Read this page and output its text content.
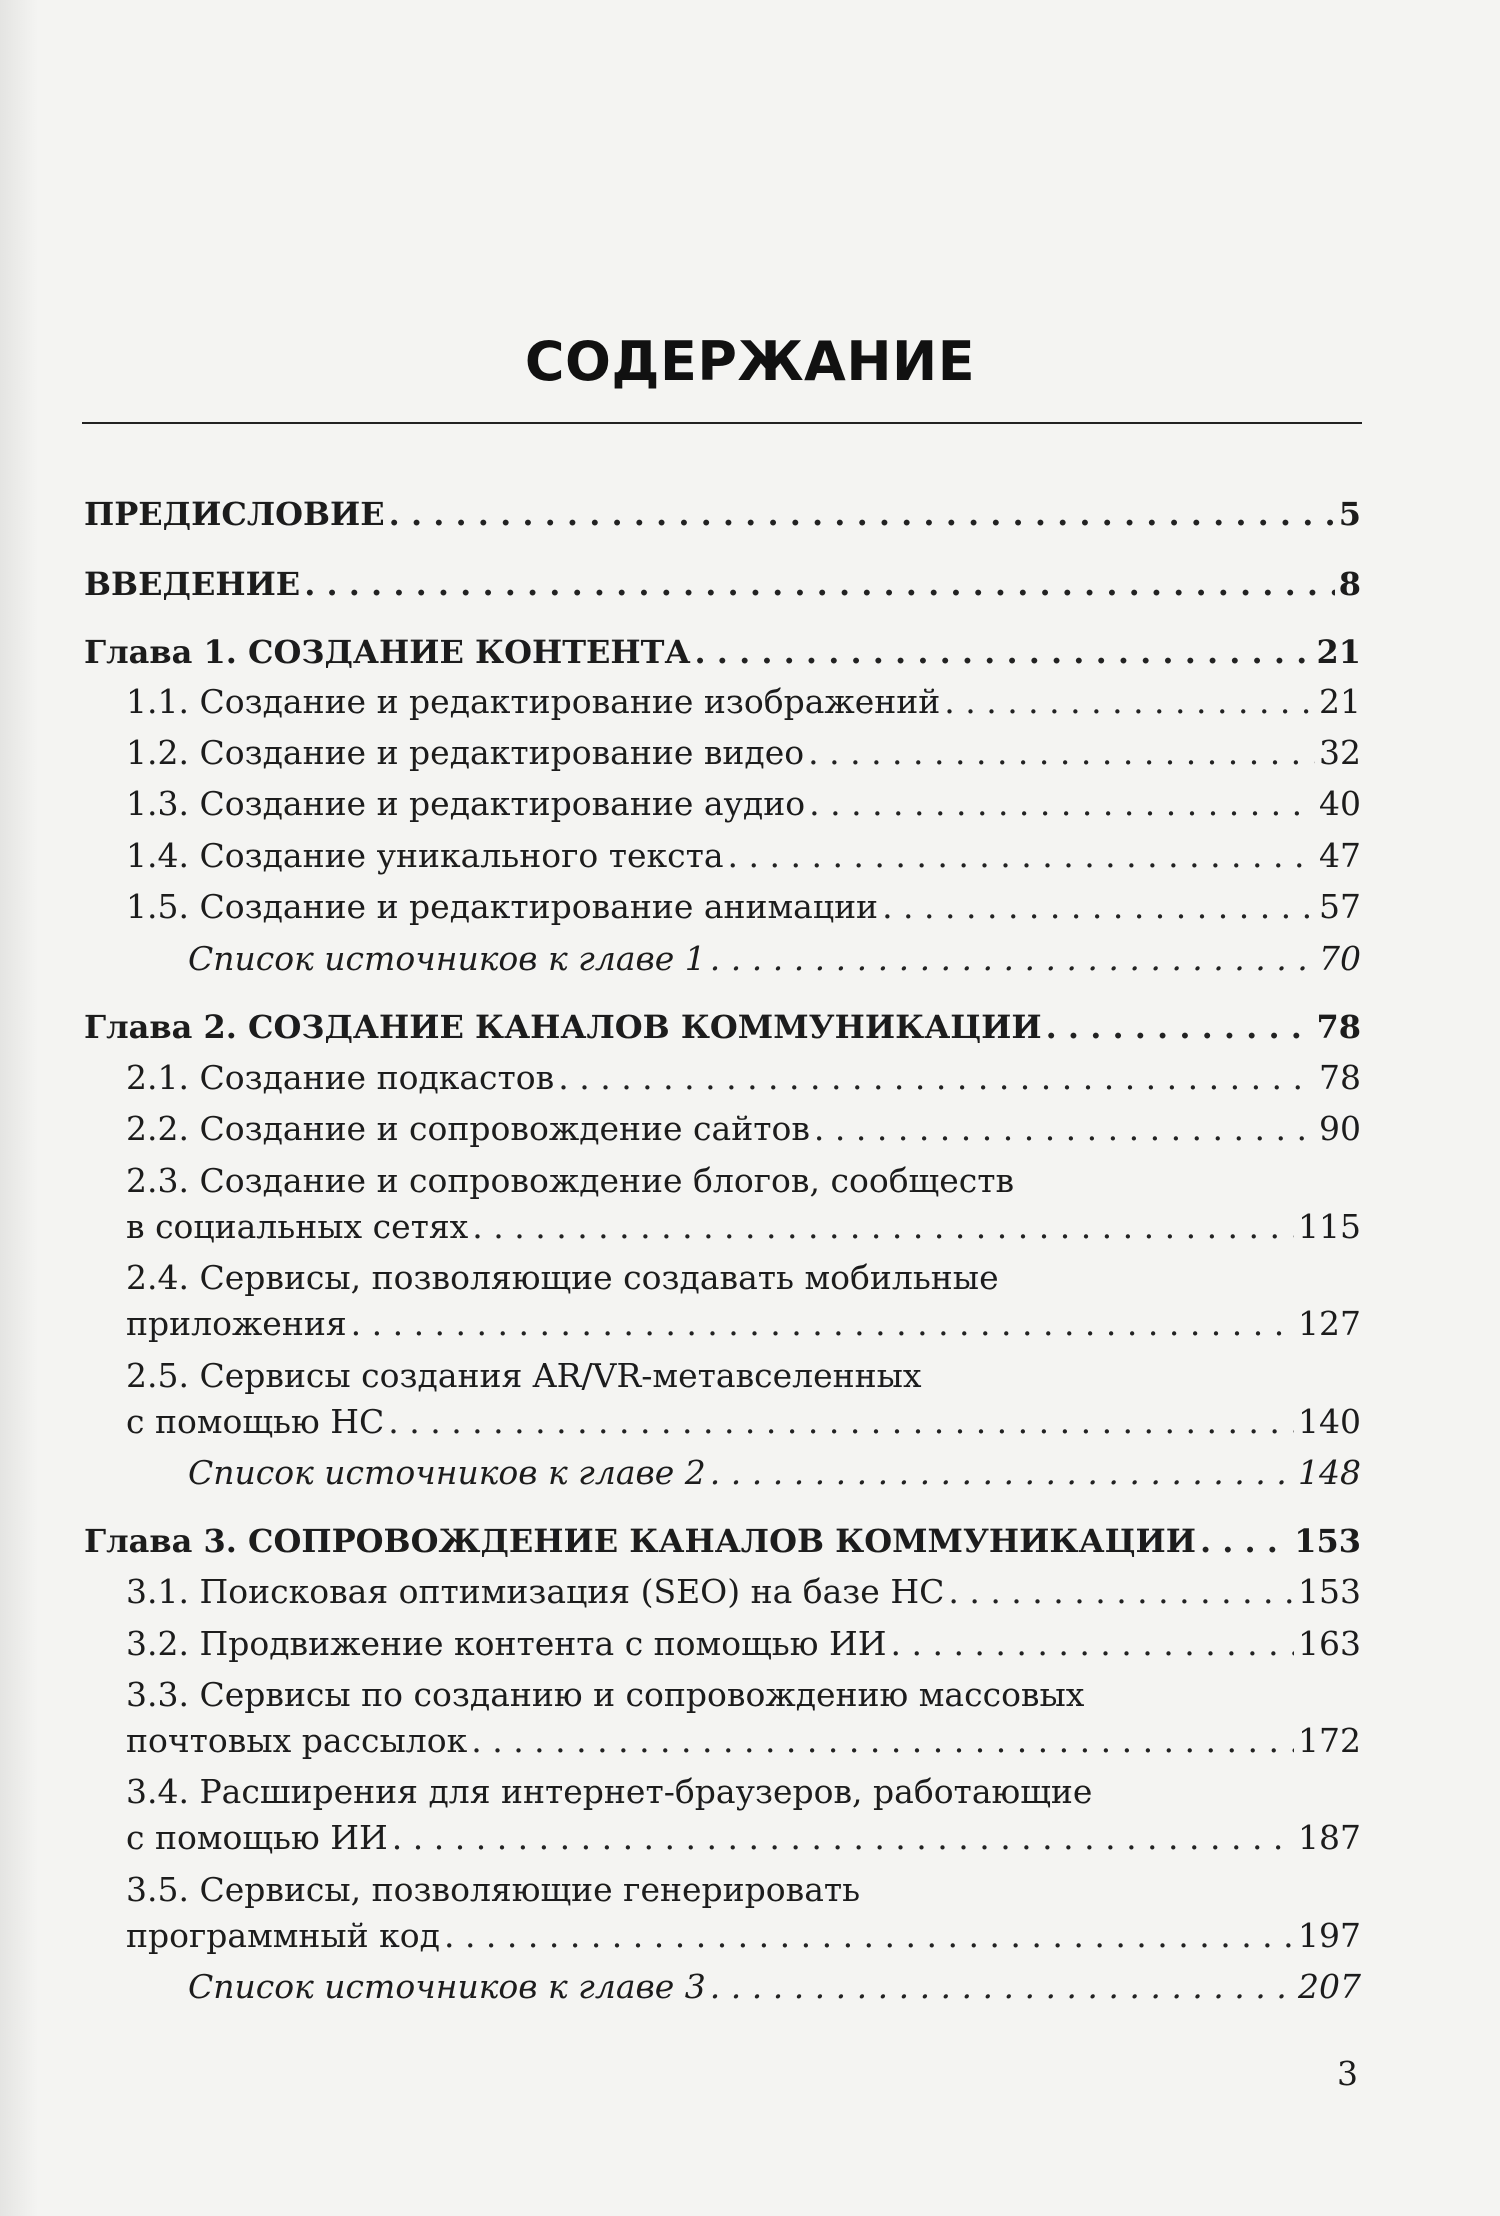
СОДЕРЖАНИЕ
ПРЕДИСЛОВИЕ . . .	5
ВВЕДЕНИЕ . . .	8
Глава 1. СОЗДАНИЕ КОНТЕНТА . . .	21
1.1. Создание и редактирование изображений . . .	21
1.2. Создание и редактирование видео . . .	32
1.3. Создание и редактирование аудио . . .	40
1.4. Создание уникального текста . . .	47
1.5. Создание и редактирование анимации . . .	57
Список источников к главе 1 . . .	70
Глава 2. СОЗДАНИЕ КАНАЛОВ КОММУНИКАЦИИ . . .	78
2.1. Создание подкастов . . .	78
2.2. Создание и сопровождение сайтов . . .	90
2.3. Создание и сопровождение блогов, сообществ
в социальных сетях . . .	115
2.4. Сервисы, позволяющие создавать мобильные
приложения . . .	127
2.5. Сервисы создания AR/VR-метавселенных
с помощью НС . . .	140
Список источников к главе 2 . . .	148
Глава 3. СОПРОВОЖДЕНИЕ КАНАЛОВ КОММУНИКАЦИИ . . .	153
3.1. Поисковая оптимизация (SEO) на базе НС . . .	153
3.2. Продвижение контента с помощью ИИ . . .	163
3.3. Сервисы по созданию и сопровождению массовых
почтовых рассылок . . .	172
3.4. Расширения для интернет-браузеров, работающие
с помощью ИИ . . .	187
3.5. Сервисы, позволяющие генерировать
программный код . . .	197
Список источников к главе 3 . . .	207
3
